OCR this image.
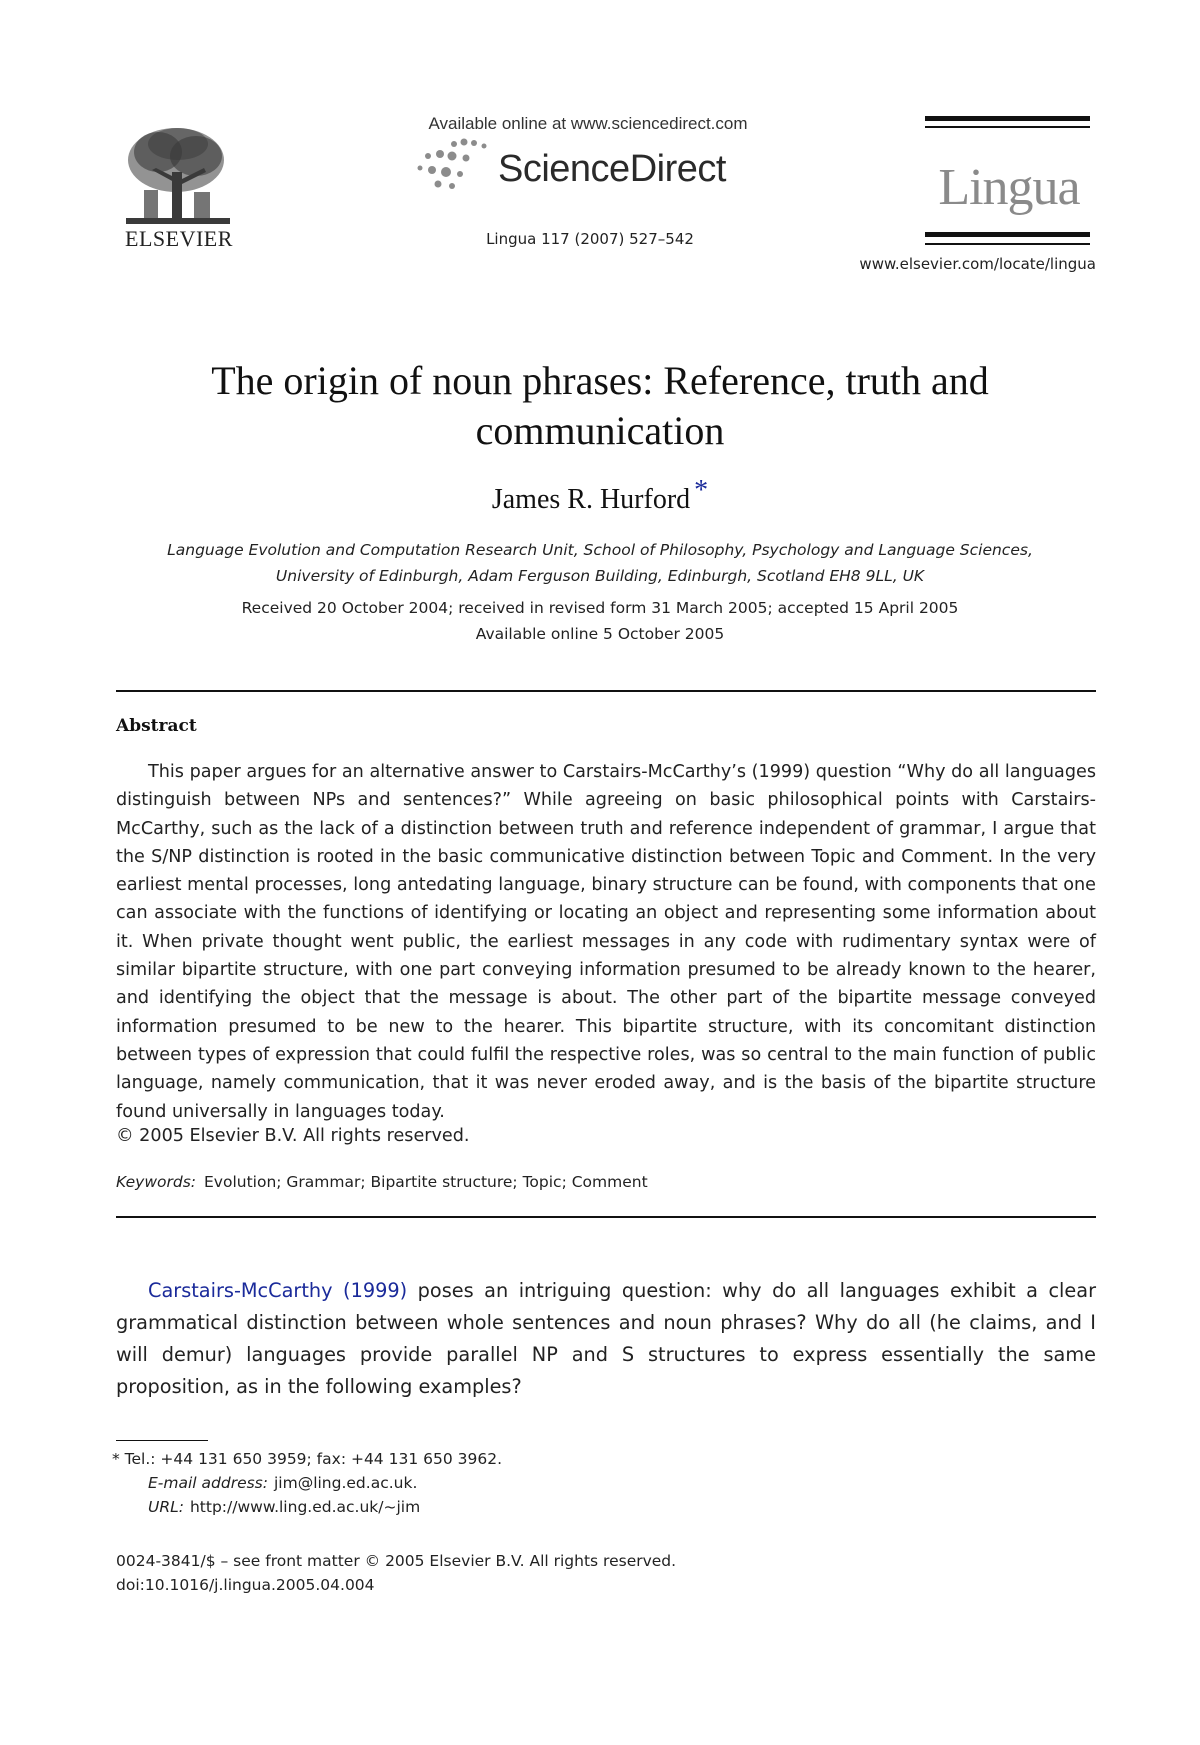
ELSEVIER
Available online at www.sciencedirect.com
ScienceDirect
Lingua 117 (2007) 527–542
Lingua
www.elsevier.com/locate/lingua
The origin of noun phrases: Reference, truth and communication
James R. Hurford *
Language Evolution and Computation Research Unit, School of Philosophy, Psychology and Language Sciences,
University of Edinburgh, Adam Ferguson Building, Edinburgh, Scotland EH8 9LL, UK
Received 20 October 2004; received in revised form 31 March 2005; accepted 15 April 2005
Available online 5 October 2005
Abstract

This paper argues for an alternative answer to Carstairs-McCarthy’s (1999) question “Why do all languages distinguish between NPs and sentences?” While agreeing on basic philosophical points with Carstairs-McCarthy, such as the lack of a distinction between truth and reference independent of grammar, I argue that the S/NP distinction is rooted in the basic communicative distinction between Topic and Comment. In the very earliest mental processes, long antedating language, binary structure can be found, with components that one can associate with the functions of identifying or locating an object and representing some information about it. When private thought went public, the earliest messages in any code with rudimentary syntax were of similar bipartite structure, with one part conveying information presumed to be already known to the hearer, and identifying the object that the message is about. The other part of the bipartite message conveyed information presumed to be new to the hearer. This bipartite structure, with its concomitant distinction between types of expression that could fulfil the respective roles, was so central to the main function of public language, namely communication, that it was never eroded away, and is the basis of the bipartite structure found universally in languages today.

© 2005 Elsevier B.V. All rights reserved.
Keywords: Evolution; Grammar; Bipartite structure; Topic; Comment

Carstairs-McCarthy (1999) poses an intriguing question: why do all languages exhibit a clear grammatical distinction between whole sentences and noun phrases? Why do all (he claims, and I will demur) languages provide parallel NP and S structures to express essentially the same proposition, as in the following examples?

* Tel.: +44 131 650 3959; fax: +44 131 650 3962.
E-mail address: jim@ling.ed.ac.uk.
URL: http://www.ling.ed.ac.uk/~jim
0024-3841/$ – see front matter © 2005 Elsevier B.V. All rights reserved.
doi:10.1016/j.lingua.2005.04.004
